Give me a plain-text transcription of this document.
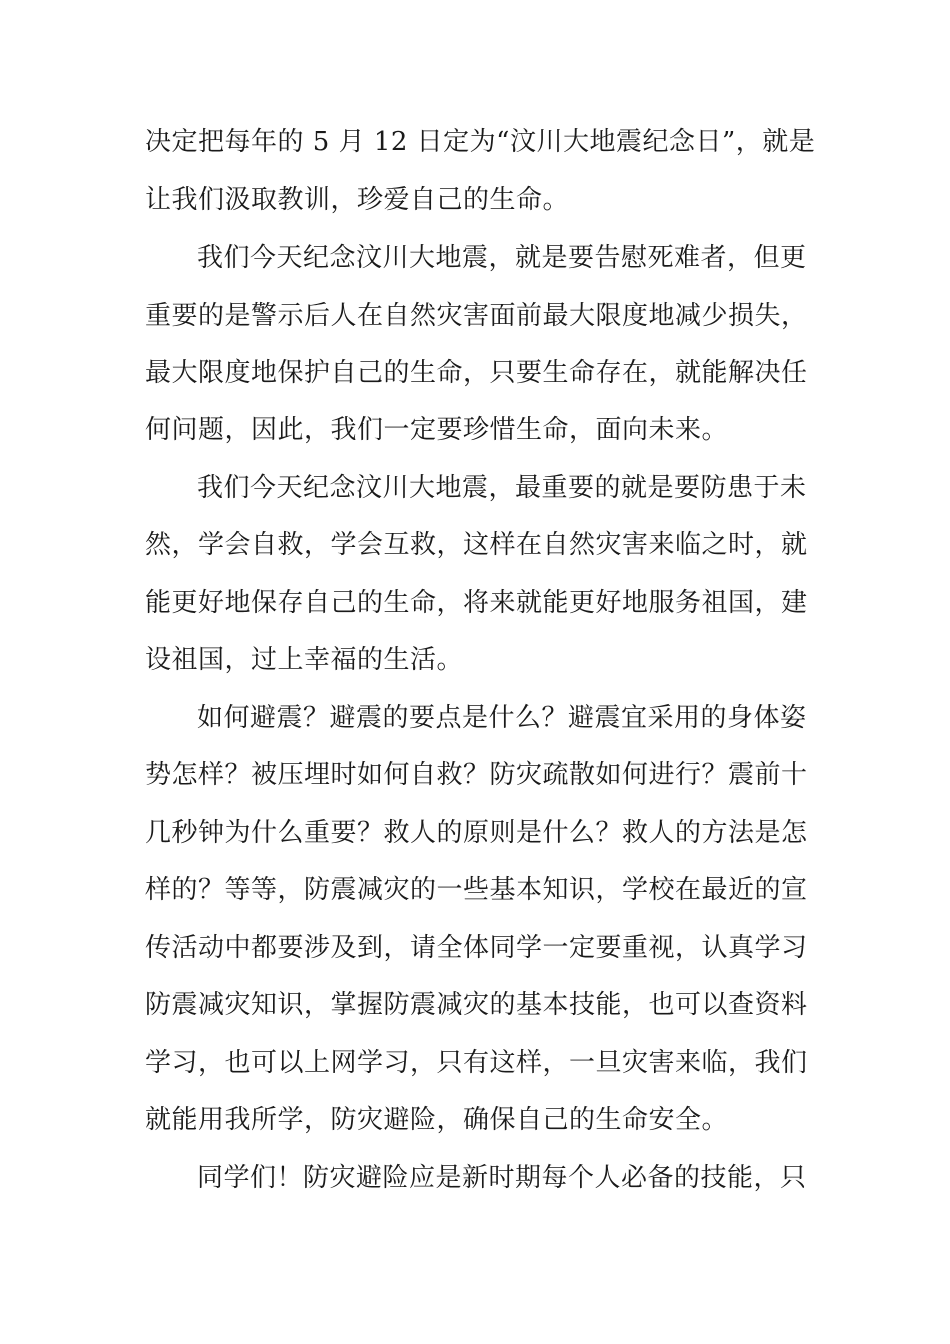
决定把每年的 5 月 12 日定为“汶川大地震纪念日”，就是
让我们汲取教训，珍爱自己的生命。
我们今天纪念汶川大地震，就是要告慰死难者，但更
重要的是警示后人在自然灾害面前最大限度地减少损失，
最大限度地保护自己的生命，只要生命存在，就能解决任
何问题，因此，我们一定要珍惜生命，面向未来。
我们今天纪念汶川大地震，最重要的就是要防患于未
然，学会自救，学会互救，这样在自然灾害来临之时，就
能更好地保存自己的生命，将来就能更好地服务祖国，建
设祖国，过上幸福的生活。
如何避震？避震的要点是什么？避震宜采用的身体姿
势怎样？被压埋时如何自救？防灾疏散如何进行？震前十
几秒钟为什么重要？救人的原则是什么？救人的方法是怎
样的？等等，防震减灾的一些基本知识，学校在最近的宣
传活动中都要涉及到，请全体同学一定要重视，认真学习
防震减灾知识，掌握防震减灾的基本技能，也可以查资料
学习，也可以上网学习，只有这样，一旦灾害来临，我们
就能用我所学，防灾避险，确保自己的生命安全。
同学们！防灾避险应是新时期每个人必备的技能，只
